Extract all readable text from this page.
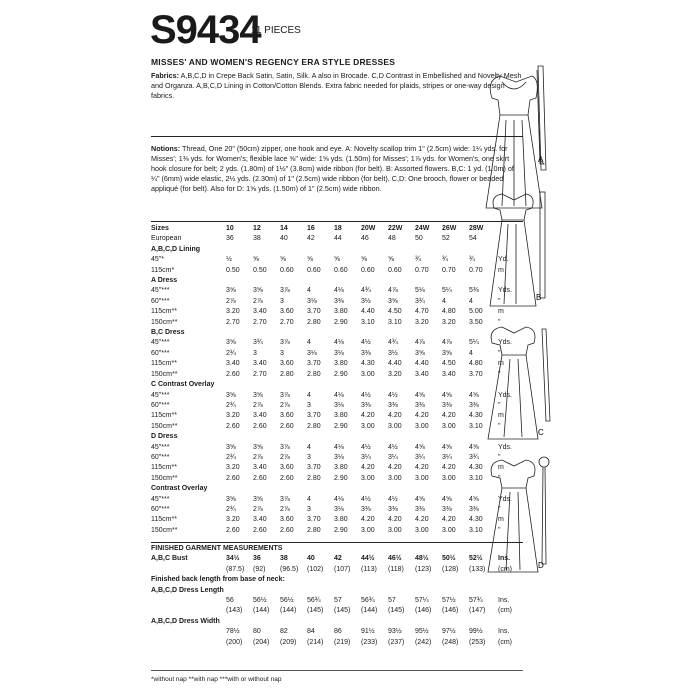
S9434
11 PIECES
MISSES' AND WOMEN'S REGENCY ERA STYLE DRESSES
Fabrics: A,B,C,D in Crepe Back Satin, Satin, Silk. A also in Brocade. C,D Contrast in Embellished and Novelty Mesh and Organza. A,B,C,D Lining in Cotton/Cotton Blends. Extra fabric needed for plaids, stripes or one-way design fabrics.
Notions: Thread, One 20" (50cm) zipper, one hook and eye. A: Novelty scallop trim 1" (2.5cm) wide: 1¼ yds. for Misses'; 1⅜ yds. for Women's; flexible lace ⅝" wide: 1⅝ yds. (1.50m) for Misses'; 1⅞ yds. for Women's, one skirt hook closure for belt; 2 yds. (1.80m) of 1½" (3.8cm) wide ribbon (for belt). B: Assorted flowers. B,C: 1 yd. (1.0m) of ¼" (6mm) wide elastic, 2½ yds. (2.30m) of 1" (2.5cm) wide ribbon (for belt). C,D: One brooch, flower or beaded appliqué (for belt). Also for D: 1⅝ yds. (1.50m) of 1" (2.5cm) wide ribbon.
Sizes	10	12	14	16	18	20W	22W	24W	26W	28W	
European	36	38	40	42	44	46	48	50	52	54	
A,B,C,D Lining											
45"*	½	⅝	⅝	⅝	⅝	⅝	⅝	¾	¾	¾	Yd.
115cm*	0.50	0.50	0.60	0.60	0.60	0.60	0.60	0.70	0.70	0.70	m
A Dress											
45"***	3⅝	3⅝	3⅞	4	4⅛	4¾	4⅞	5⅛	5¼	5⅜	Yds.
60"***	2⅞	2⅞	3	3⅛	3⅜	3½	3⅝	3¾	4	4	"
115cm**	3.20	3.40	3.60	3.70	3.80	4.40	4.50	4.70	4.80	5.00	m
150cm**	2.70	2.70	2.70	2.80	2.90	3.10	3.10	3.20	3.20	3.50	"
B,C Dress											
45"***	3⅝	3¾	3⅞	4	4⅛	4½	4¾	4⅞	4⅞	5¼	Yds.
60"***	2¾	3	3	3⅛	3⅛	3⅜	3½	3⅝	3⅝	4	"
115cm**	3.40	3.40	3.60	3.70	3.80	4.30	4.40	4.40	4.50	4.80	m
150cm**	2.60	2.70	2.80	2.80	2.90	3.00	3.20	3.40	3.40	3.70	"
C Contrast Overlay											
45"***	3⅝	3⅝	3⅞	4	4⅛	4½	4½	4⅝	4⅝	4⅝	Yds.
60"***	2¾	2⅞	2⅞	3	3⅛	3⅜	3⅜	3⅜	3⅜	3⅜	"
115cm**	3.20	3.40	3.60	3.70	3.80	4.20	4.20	4.20	4.20	4.30	m
150cm**	2.60	2.60	2.60	2.80	2.90	3.00	3.00	3.00	3.00	3.10	"
D Dress											
45"***	3⅝	3⅝	3⅞	4	4⅛	4½	4½	4⅝	4⅝	4⅝	Yds.
60"***	2¾	2⅞	2⅞	3	3⅛	3¼	3¼	3¼	3¼	3¾	"
115cm**	3.20	3.40	3.60	3.70	3.80	4.20	4.20	4.20	4.20	4.30	m
150cm**	2.60	2.60	2.60	2.80	2.90	3.00	3.00	3.00	3.00	3.10	"
Contrast Overlay											
45"***	3⅝	3⅝	3⅞	4	4⅛	4½	4½	4⅝	4⅝	4⅝	Yds.
60"***	2¾	2⅞	2⅞	3	3⅛	3⅜	3⅜	3⅜	3⅜	3⅜	"
115cm**	3.20	3.40	3.60	3.70	3.80	4.20	4.20	4.20	4.20	4.30	m
150cm**	2.60	2.60	2.60	2.80	2.90	3.00	3.00	3.00	3.00	3.10	"
FINISHED GARMENT MEASUREMENTS											
A,B,C Bust	34½	36	38	40	42	44½	46½	48½	50½	52½	Ins.
	(87.5)	(92)	(96.5)	(102)	(107)	(113)	(118)	(123)	(128)	(133)	(cm)
Finished back length from base of neck:											
A,B,C,D Dress Length											
	56	56½	56½	56¾	57	56¾	57	57¼	57½	57¾	Ins.
	(143)	(144)	(144)	(145)	(145)	(144)	(145)	(146)	(146)	(147)	(cm)
A,B,C,D Dress Width											
	78½	80	82	84	86	91½	93½	95½	97½	99½	Ins.
	(200)	(204)	(209)	(214)	(219)	(233)	(237)	(242)	(248)	(253)	(cm)
*without nap **with nap ***with or without nap
A
B
C
D
